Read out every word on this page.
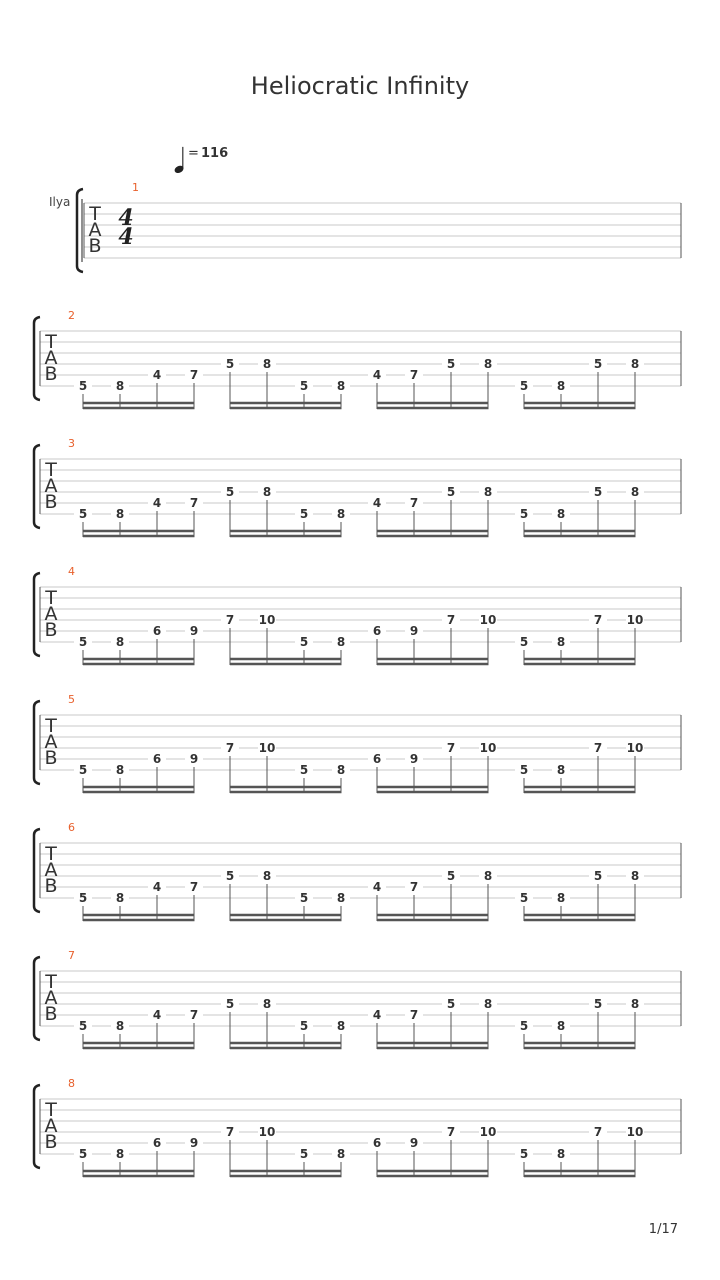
Heliocratic Infinity
= 116
Ilya
T
A
B
1
4
4
T
A
B
2
5 8
4 7
5 8
5 8
4 7
5 8
5 8
5 8
T
A
B
3
5 8
4 7
5 8
5 8
4 7
5 8
5 8
5 8
T
A
B
4
5 8
6 9
7 10
5 8
6 9
7 10
5 8
7 10
T
A
B
5
5 8
6 9
7 10
5 8
6 9
7 10
5 8
7 10
T
A
B
6
5 8
4 7
5 8
5 8
4 7
5 8
5 8
5 8
T
A
B
7
5 8
4 7
5 8
5 8
4 7
5 8
5 8
5 8
T
A
B
8
5 8
6 9
7 10
5 8
6 9
7 10
5 8
7 10
1/17
